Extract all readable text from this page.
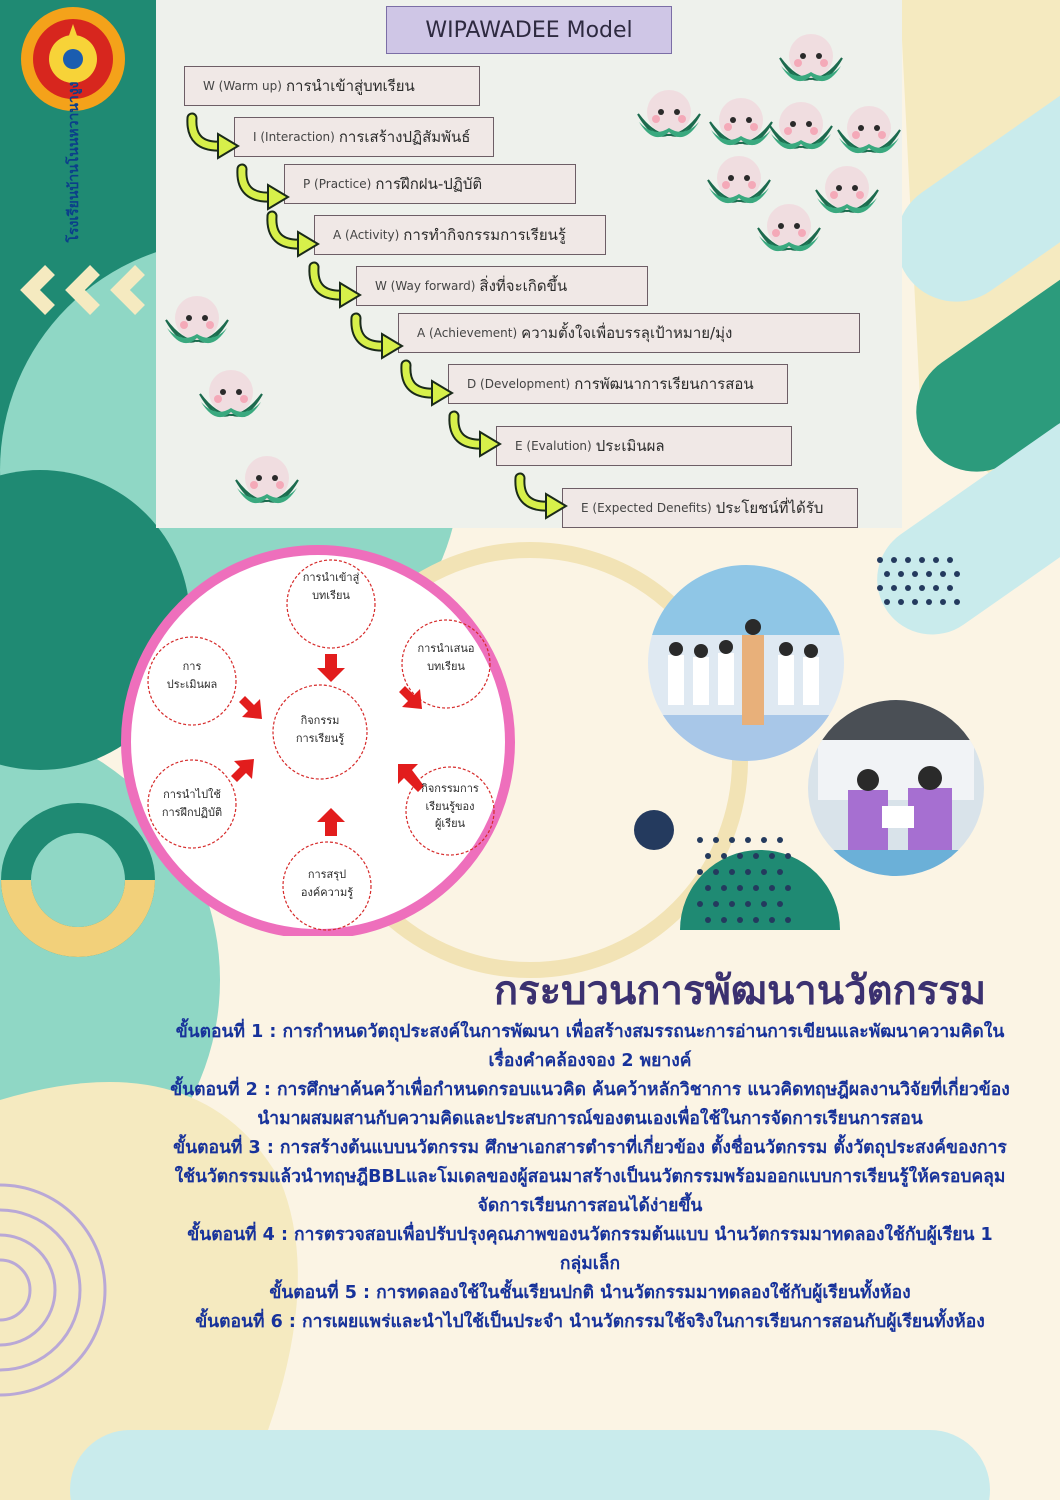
โรงเรียนบ้านโนนหวานางูง
WIPAWADEE Model
W (Warm up) การนำเข้าสู่บทเรียน
I (Interaction) การเสร้างปฏิสัมพันธ์
P (Practice) การฝึกฝน-ปฏิบัติ
A (Activity) การทำกิจกรรมการเรียนรู้
W (Way forward) สิ่งที่จะเกิดขึ้น
A (Achievement) ความตั้งใจเพื่อบรรลุเป้าหมาย/มุ่ง
D (Development) การพัฒนาการเรียนการสอน
E (Evalution) ประเมินผล
E (Expected Denefits) ประโยชน์ที่ได้รับ
การนำเข้าสู่
บทเรียน
การนำเสนอ
บทเรียน
กิจกรรมการ
เรียนรู้ของ
ผู้เรียน
การสรุป
องค์ความรู้
การนำไปใช้
การฝึกปฏิบัติ
การ
ประเมินผล
กิจกรรม
การเรียนรู้
กระบวนการพัฒนานวัตกรรม

ขั้นตอนที่ 1 : การกำหนดวัตถุประสงค์ในการพัฒนา เพื่อสร้างสมรรถนะการอ่านการเขียนและพัฒนาความคิดในเรื่องคำคล้องจอง 2 พยางค์

ขั้นตอนที่ 2 : การศึกษาค้นคว้าเพื่อกำหนดกรอบแนวคิด ค้นคว้าหลักวิชาการ แนวคิดทฤษฎีผลงานวิจัยที่เกี่ยวข้องนำมาผสมผสานกับความคิดและประสบการณ์ของตนเองเพื่อใช้ในการจัดการเรียนการสอน

ขั้นตอนที่ 3 : การสร้างต้นแบบนวัตกรรม ศึกษาเอกสารตำราที่เกี่ยวข้อง ตั้งชื่อนวัตกรรม ตั้งวัตถุประสงค์ของการใช้นวัตกรรมแล้วนำทฤษฎีBBLและโมเดลของผู้สอนมาสร้างเป็นนวัตกรรมพร้อมออกแบบการเรียนรู้ให้ครอบคลุม จัดการเรียนการสอนได้ง่ายขึ้น

ขั้นตอนที่ 4 : การตรวจสอบเพื่อปรับปรุงคุณภาพของนวัตกรรมต้นแบบ นำนวัตกรรมมาทดลองใช้กับผู้เรียน 1 กลุ่มเล็ก

ขั้นตอนที่ 5 : การทดลองใช้ในชั้นเรียนปกติ นำนวัตกรรมมาทดลองใช้กับผู้เรียนทั้งห้อง

ขั้นตอนที่ 6 : การเผยแพร่และนำไปใช้เป็นประจำ นำนวัตกรรมใช้จริงในการเรียนการสอนกับผู้เรียนทั้งห้อง
